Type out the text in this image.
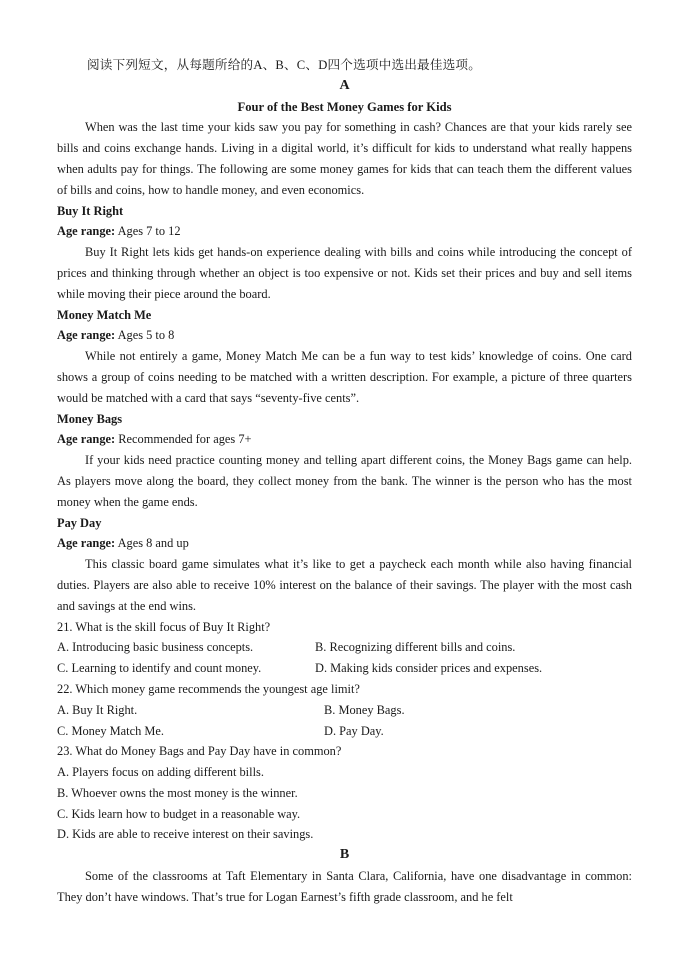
阅读下列短文，从每题所给的A、B、C、D四个选项中选出最佳选项。

A

Four of the Best Money Games for Kids

When was the last time your kids saw you pay for something in cash? Chances are that your kids rarely see bills and coins exchange hands. Living in a digital world, it’s difficult for kids to understand what really happens when adults pay for things. The following are some money games for kids that can teach them the different values of bills and coins, how to handle money, and even economics.

Buy It Right

Age range: Ages 7 to 12

Buy It Right lets kids get hands-on experience dealing with bills and coins while introducing the concept of prices and thinking through whether an object is too expensive or not. Kids set their prices and buy and sell items while moving their piece around the board.

Money Match Me

Age range: Ages 5 to 8

While not entirely a game, Money Match Me can be a fun way to test kids’ knowledge of coins. One card shows a group of coins needing to be matched with a written description. For example, a picture of three quarters would be matched with a card that says “seventy-five cents”.

Money Bags

Age range: Recommended for ages 7+

If your kids need practice counting money and telling apart different coins, the Money Bags game can help. As players move along the board, they collect money from the bank. The winner is the person who has the most money when the game ends.

Pay Day

Age range: Ages 8 and up

This classic board game simulates what it’s like to get a paycheck each month while also having financial duties. Players are also able to receive 10% interest on the balance of their savings. The player with the most cash and savings at the end wins.

21. What is the skill focus of Buy It Right?

A. Introducing basic business concepts.	B. Recognizing different bills and coins.
C. Learning to identify and count money.	D. Making kids consider prices and expenses.

22. Which money game recommends the youngest age limit?

A. Buy It Right.	B. Money Bags.
C. Money Match Me.	D. Pay Day.

23. What do Money Bags and Pay Day have in common?

A. Players focus on adding different bills.

B. Whoever owns the most money is the winner.

C. Kids learn how to budget in a reasonable way.

D. Kids are able to receive interest on their savings.

B

Some of the classrooms at Taft Elementary in Santa Clara, California, have one disadvantage in common: They don’t have windows. That’s true for Logan Earnest’s fifth grade classroom, and he felt
